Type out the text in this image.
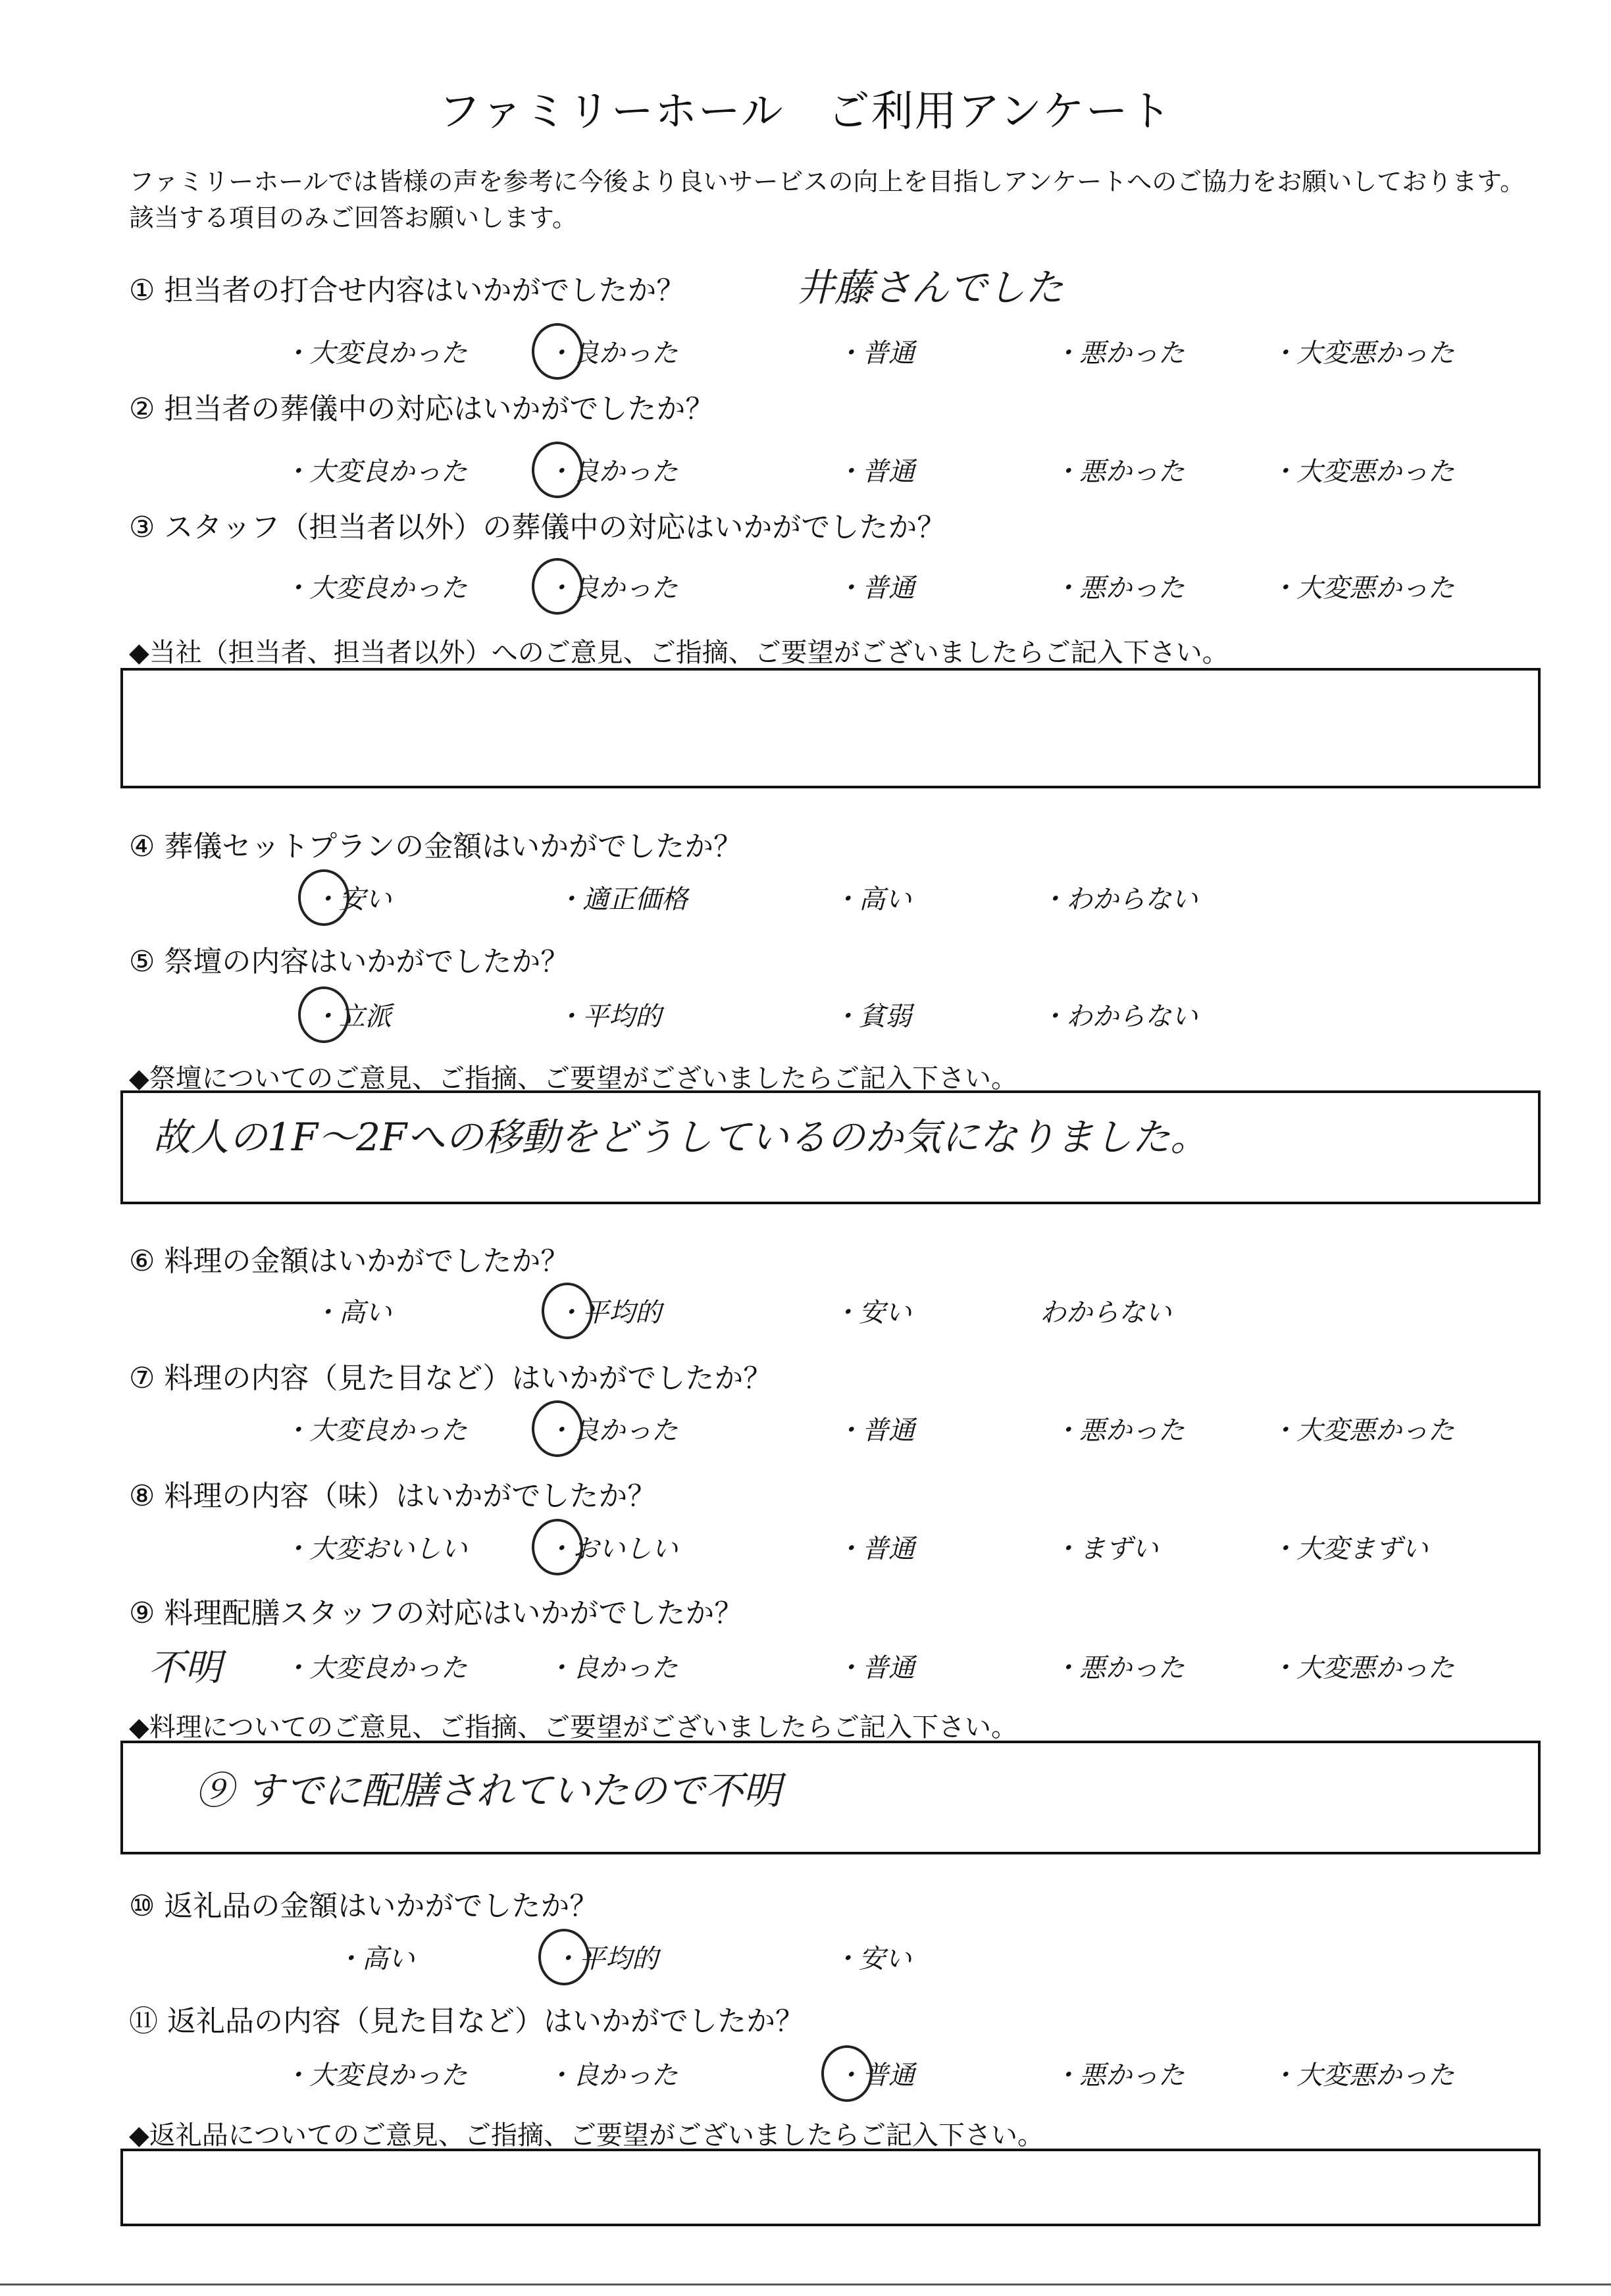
ファミリーホール　ご利用アンケート
ファミリーホールでは皆様の声を参考に今後より良いサービスの向上を目指しアンケートへのご協力をお願いしております。
該当する項目のみご回答お願いします。
① 担当者の打合せ内容はいかがでしたか？	井藤さんでした
・大変良かった	・良かった	・普通	・悪かった	・大変悪かった
② 担当者の葬儀中の対応はいかがでしたか？
・大変良かった	・良かった	・普通	・悪かった	・大変悪かった
③ スタッフ（担当者以外）の葬儀中の対応はいかがでしたか？
・大変良かった	・良かった	・普通	・悪かった	・大変悪かった
◆当社（担当者、担当者以外）へのご意見、ご指摘、ご要望がございましたらご記入下さい。
④ 葬儀セットプランの金額はいかがでしたか？
・安い	・適正価格	・高い	・わからない
⑤ 祭壇の内容はいかがでしたか？
・立派	・平均的	・貧弱	・わからない
◆祭壇についてのご意見、ご指摘、ご要望がございましたらご記入下さい。
故人の1F〜2Fへの移動をどうしているのか気になりました。
⑥ 料理の金額はいかがでしたか？
・高い	・平均的	・安い	わからない
⑦ 料理の内容（見た目など）はいかがでしたか？
・大変良かった	・良かった	・普通	・悪かった	・大変悪かった
⑧ 料理の内容（味）はいかがでしたか？
・大変おいしい	・おいしい	・普通	・まずい	・大変まずい
⑨ 料理配膳スタッフの対応はいかがでしたか？
不明 ・大変良かった	・良かった	・普通	・悪かった	・大変悪かった
◆料理についてのご意見、ご指摘、ご要望がございましたらご記入下さい。
⑨ すでに配膳されていたので不明
⑩ 返礼品の金額はいかがでしたか？
・高い	・平均的	・安い
⑪ 返礼品の内容（見た目など）はいかがでしたか？
・大変良かった	・良かった	・普通	・悪かった	・大変悪かった
◆返礼品についてのご意見、ご指摘、ご要望がございましたらご記入下さい。
